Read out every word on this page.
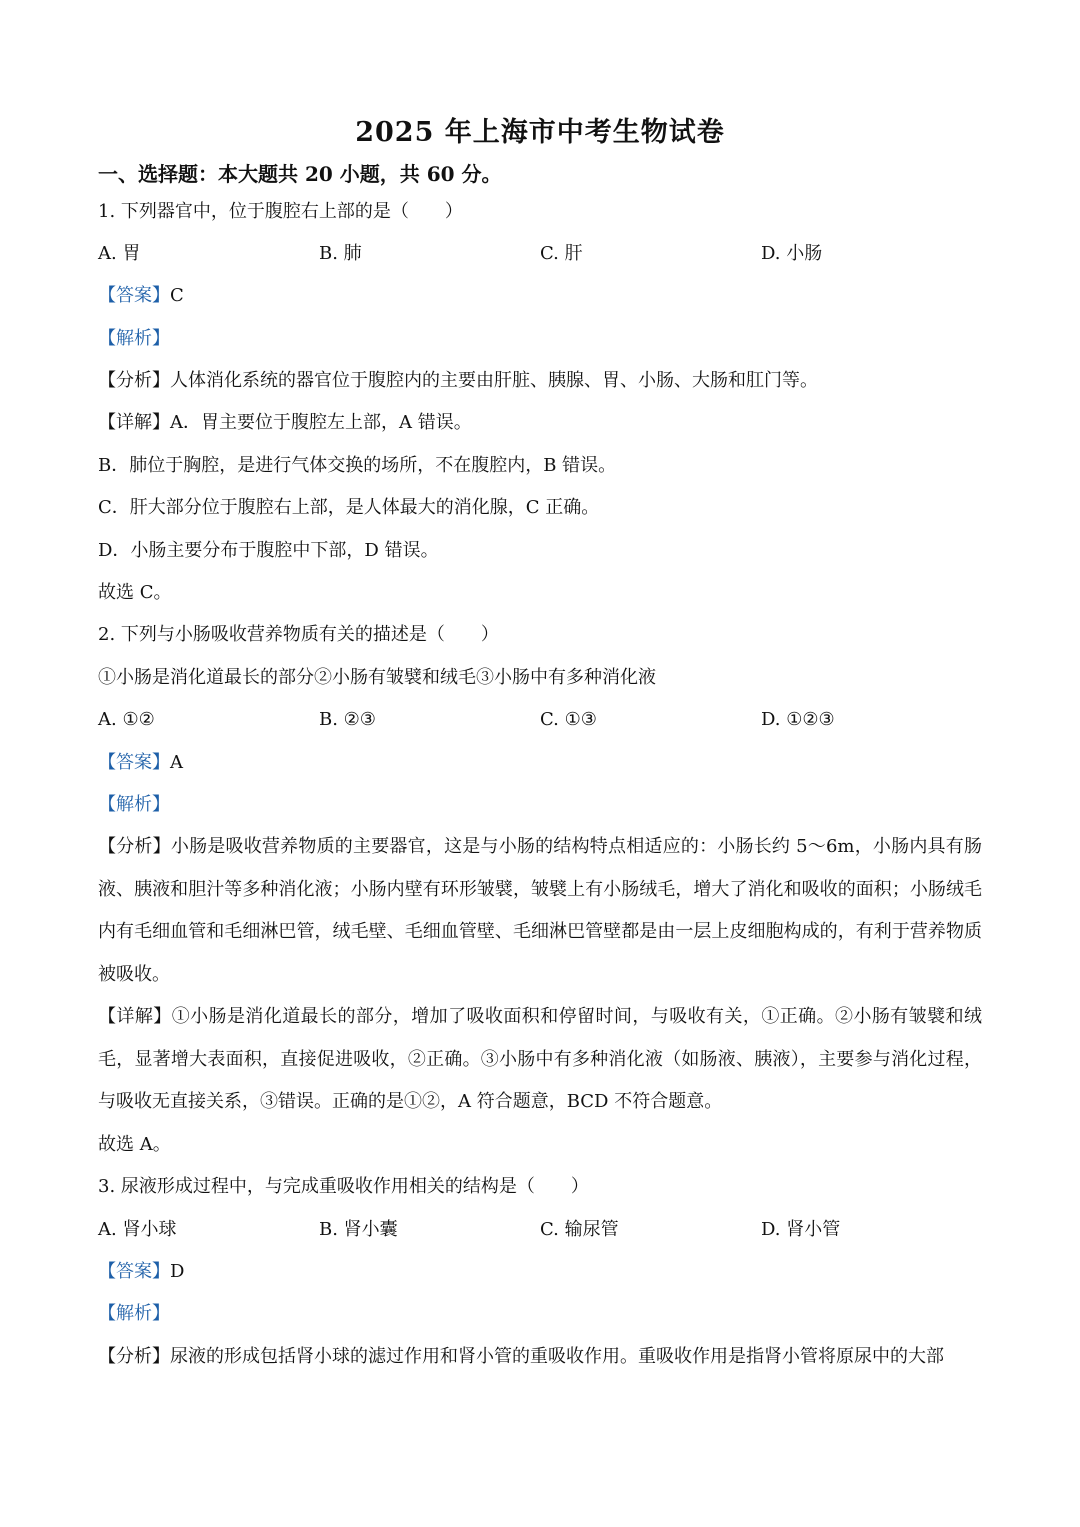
2025 年上海市中考生物试卷
一、选择题：本大题共 20 小题，共 60 分。
1. 下列器官中，位于腹腔右上部的是（　　）
A. 胃	B. 肺	C. 肝	D. 小肠
【答案】C
【解析】
【分析】人体消化系统的器官位于腹腔内的主要由肝脏、胰腺、胃、小肠、大肠和肛门等。
【详解】A．胃主要位于腹腔左上部，A 错误。
B．肺位于胸腔，是进行气体交换的场所，不在腹腔内，B 错误。
C．肝大部分位于腹腔右上部，是人体最大的消化腺，C 正确。
D．小肠主要分布于腹腔中下部，D 错误。
故选 C。
2. 下列与小肠吸收营养物质有关的描述是（　　）
①小肠是消化道最长的部分②小肠有皱襞和绒毛③小肠中有多种消化液
A. ①②	B. ②③	C. ①③	D. ①②③
【答案】A
【解析】
【分析】小肠是吸收营养物质的主要器官，这是与小肠的结构特点相适应的：小肠长约 5～6m，小肠内具有肠液、胰液和胆汁等多种消化液；小肠内壁有环形皱襞，皱襞上有小肠绒毛，增大了消化和吸收的面积；小肠绒毛内有毛细血管和毛细淋巴管，绒毛壁、毛细血管壁、毛细淋巴管壁都是由一层上皮细胞构成的，有利于营养物质被吸收。
【详解】①小肠是消化道最长的部分，增加了吸收面积和停留时间，与吸收有关，①正确。②小肠有皱襞和绒毛，显著增大表面积，直接促进吸收，②正确。③小肠中有多种消化液（如肠液、胰液），主要参与消化过程，与吸收无直接关系，③错误。正确的是①②，A 符合题意，BCD 不符合题意。
故选 A。
3. 尿液形成过程中，与完成重吸收作用相关的结构是（　　）
A. 肾小球	B. 肾小囊	C. 输尿管	D. 肾小管
【答案】D
【解析】
【分析】尿液的形成包括肾小球的滤过作用和肾小管的重吸收作用。重吸收作用是指肾小管将原尿中的大部
